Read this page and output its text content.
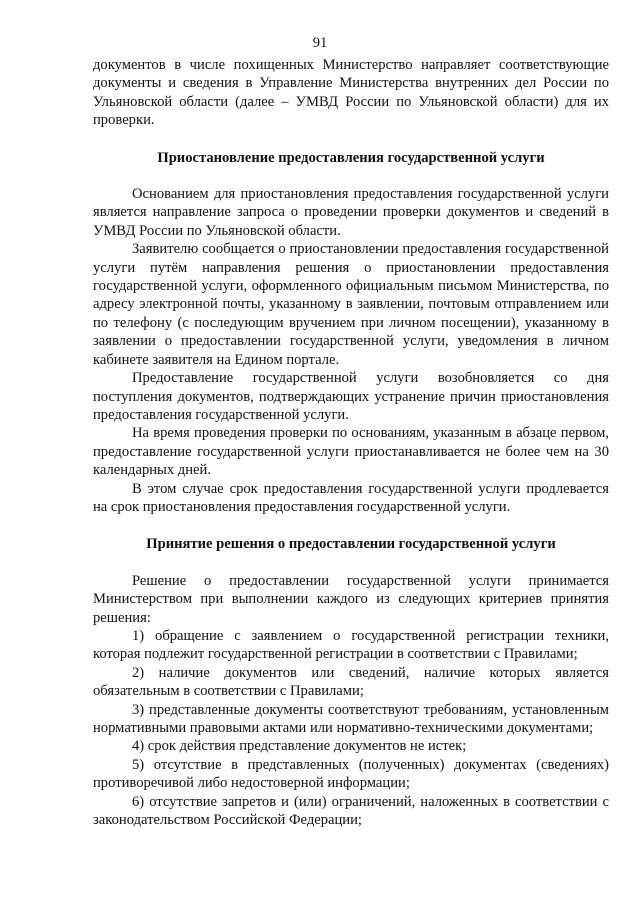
91

документов в числе похищенных Министерство направляет соответствующие документы и сведения в Управление Министерства внутренних дел России по Ульяновской области (далее – УМВД России по Ульяновской области) для их проверки.

Приостановление предоставления государственной услуги

Основанием для приостановления предоставления государственной услуги является направление запроса о проведении проверки документов и сведений в УМВД России по Ульяновской области.

Заявителю сообщается о приостановлении предоставления государственной услуги путём направления решения о приостановлении предоставления государственной услуги, оформленного официальным письмом Министерства, по адресу электронной почты, указанному в заявлении, почтовым отправлением или по телефону (с последующим вручением при личном посещении), указанному в заявлении о предоставлении государственной услуги, уведомления в личном кабинете заявителя на Едином портале.

Предоставление государственной услуги возобновляется со дня поступления документов, подтверждающих устранение причин приостановления предоставления государственной услуги.

На время проведения проверки по основаниям, указанным в абзаце первом, предоставление государственной услуги приостанавливается не более чем на 30 календарных дней.

В этом случае срок предоставления государственной услуги продлевается на срок приостановления предоставления государственной услуги.

Принятие решения о предоставлении государственной услуги

Решение о предоставлении государственной услуги принимается Министерством при выполнении каждого из следующих критериев принятия решения:

1) обращение с заявлением о государственной регистрации техники, которая подлежит государственной регистрации в соответствии с Правилами;

2) наличие документов или сведений, наличие которых является обязательным в соответствии с Правилами;

3) представленные документы соответствуют требованиям, установленным нормативными правовыми актами или нормативно-техническими документами;

4) срок действия представление документов не истек;

5) отсутствие в представленных (полученных) документах (сведениях) противоречивой либо недостоверной информации;

6) отсутствие запретов и (или) ограничений, наложенных в соответствии с законодательством Российской Федерации;
